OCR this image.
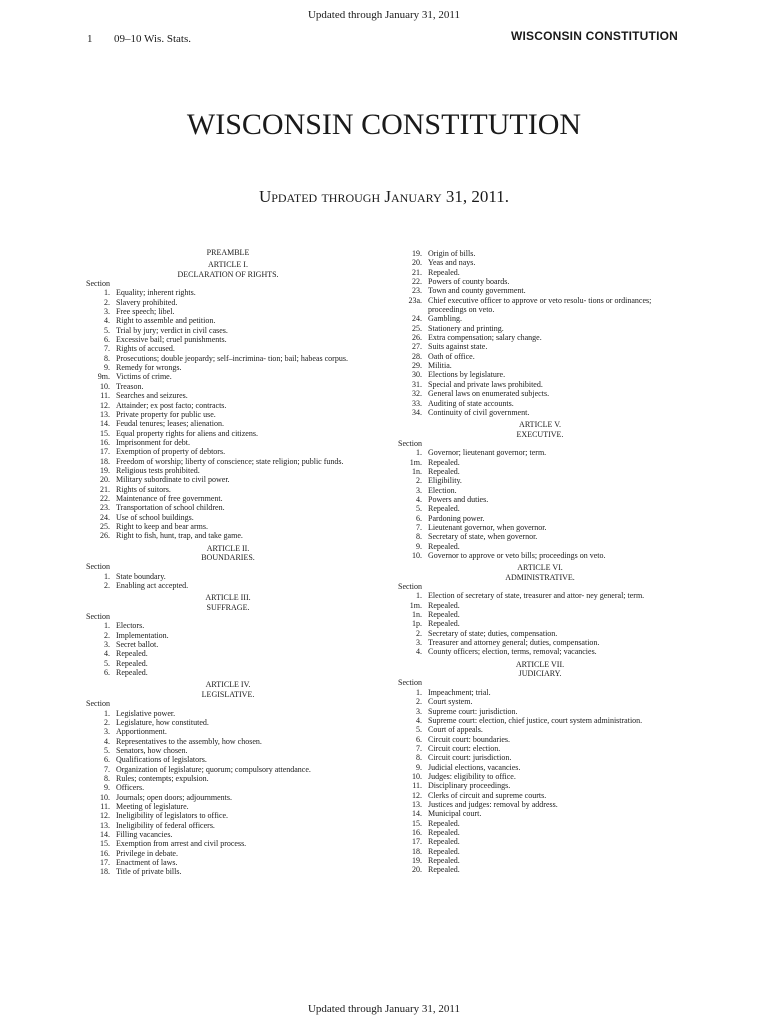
Updated through January 31, 2011
1 09–10 Wis. Stats.	WISCONSIN CONSTITUTION
WISCONSIN CONSTITUTION
Updated through January 31, 2011.
PREAMBLE
ARTICLE I.
DECLARATION OF RIGHTS.
Section
1. Equality; inherent rights.
2. Slavery prohibited.
3. Free speech; libel.
4. Right to assemble and petition.
5. Trial by jury; verdict in civil cases.
6. Excessive bail; cruel punishments.
7. Rights of accused.
8. Prosecutions; double jeopardy; self–incrimina- tion; bail; habeas corpus.
9. Remedy for wrongs.
9m. Victims of crime.
10. Treason.
11. Searches and seizures.
12. Attainder; ex post facto; contracts.
13. Private property for public use.
14. Feudal tenures; leases; alienation.
15. Equal property rights for aliens and citizens.
16. Imprisonment for debt.
17. Exemption of property of debtors.
18. Freedom of worship; liberty of conscience; state religion; public funds.
19. Religious tests prohibited.
20. Military subordinate to civil power.
21. Rights of suitors.
22. Maintenance of free government.
23. Transportation of school children.
24. Use of school buildings.
25. Right to keep and bear arms.
26. Right to fish, hunt, trap, and take game.
ARTICLE II.
BOUNDARIES.
Section
1. State boundary.
2. Enabling act accepted.
ARTICLE III.
SUFFRAGE.
Section
1. Electors.
2. Implementation.
3. Secret ballot.
4. Repealed.
5. Repealed.
6. Repealed.
ARTICLE IV.
LEGISLATIVE.
Section
1. Legislative power.
2. Legislature, how constituted.
3. Apportionment.
4. Representatives to the assembly, how chosen.
5. Senators, how chosen.
6. Qualifications of legislators.
7. Organization of legislature; quorum; compulsory attendance.
8. Rules; contempts; expulsion.
9. Officers.
10. Journals; open doors; adjournments.
11. Meeting of legislature.
12. Ineligibility of legislators to office.
13. Ineligibility of federal officers.
14. Filling vacancies.
15. Exemption from arrest and civil process.
16. Privilege in debate.
17. Enactment of laws.
18. Title of private bills.
19. Origin of bills.
20. Yeas and nays.
21. Repealed.
22. Powers of county boards.
23. Town and county government.
23a. Chief executive officer to approve or veto resolu- tions or ordinances; proceedings on veto.
24. Gambling.
25. Stationery and printing.
26. Extra compensation; salary change.
27. Suits against state.
28. Oath of office.
29. Militia.
30. Elections by legislature.
31. Special and private laws prohibited.
32. General laws on enumerated subjects.
33. Auditing of state accounts.
34. Continuity of civil government.
ARTICLE V.
EXECUTIVE.
Section
1. Governor; lieutenant governor; term.
1m. Repealed.
1n. Repealed.
2. Eligibility.
3. Election.
4. Powers and duties.
5. Repealed.
6. Pardoning power.
7. Lieutenant governor, when governor.
8. Secretary of state, when governor.
9. Repealed.
10. Governor to approve or veto bills; proceedings on veto.
ARTICLE VI.
ADMINISTRATIVE.
Section
1. Election of secretary of state, treasurer and attor- ney general; term.
1m. Repealed.
1n. Repealed.
1p. Repealed.
2. Secretary of state; duties, compensation.
3. Treasurer and attorney general; duties, compensation.
4. County officers; election, terms, removal; vacancies.
ARTICLE VII.
JUDICIARY.
Section
1. Impeachment; trial.
2. Court system.
3. Supreme court: jurisdiction.
4. Supreme court: election, chief justice, court system administration.
5. Court of appeals.
6. Circuit court: boundaries.
7. Circuit court: election.
8. Circuit court: jurisdiction.
9. Judicial elections, vacancies.
10. Judges: eligibility to office.
11. Disciplinary proceedings.
12. Clerks of circuit and supreme courts.
13. Justices and judges: removal by address.
14. Municipal court.
15. Repealed.
16. Repealed.
17. Repealed.
18. Repealed.
19. Repealed.
20. Repealed.
Updated through January 31, 2011
